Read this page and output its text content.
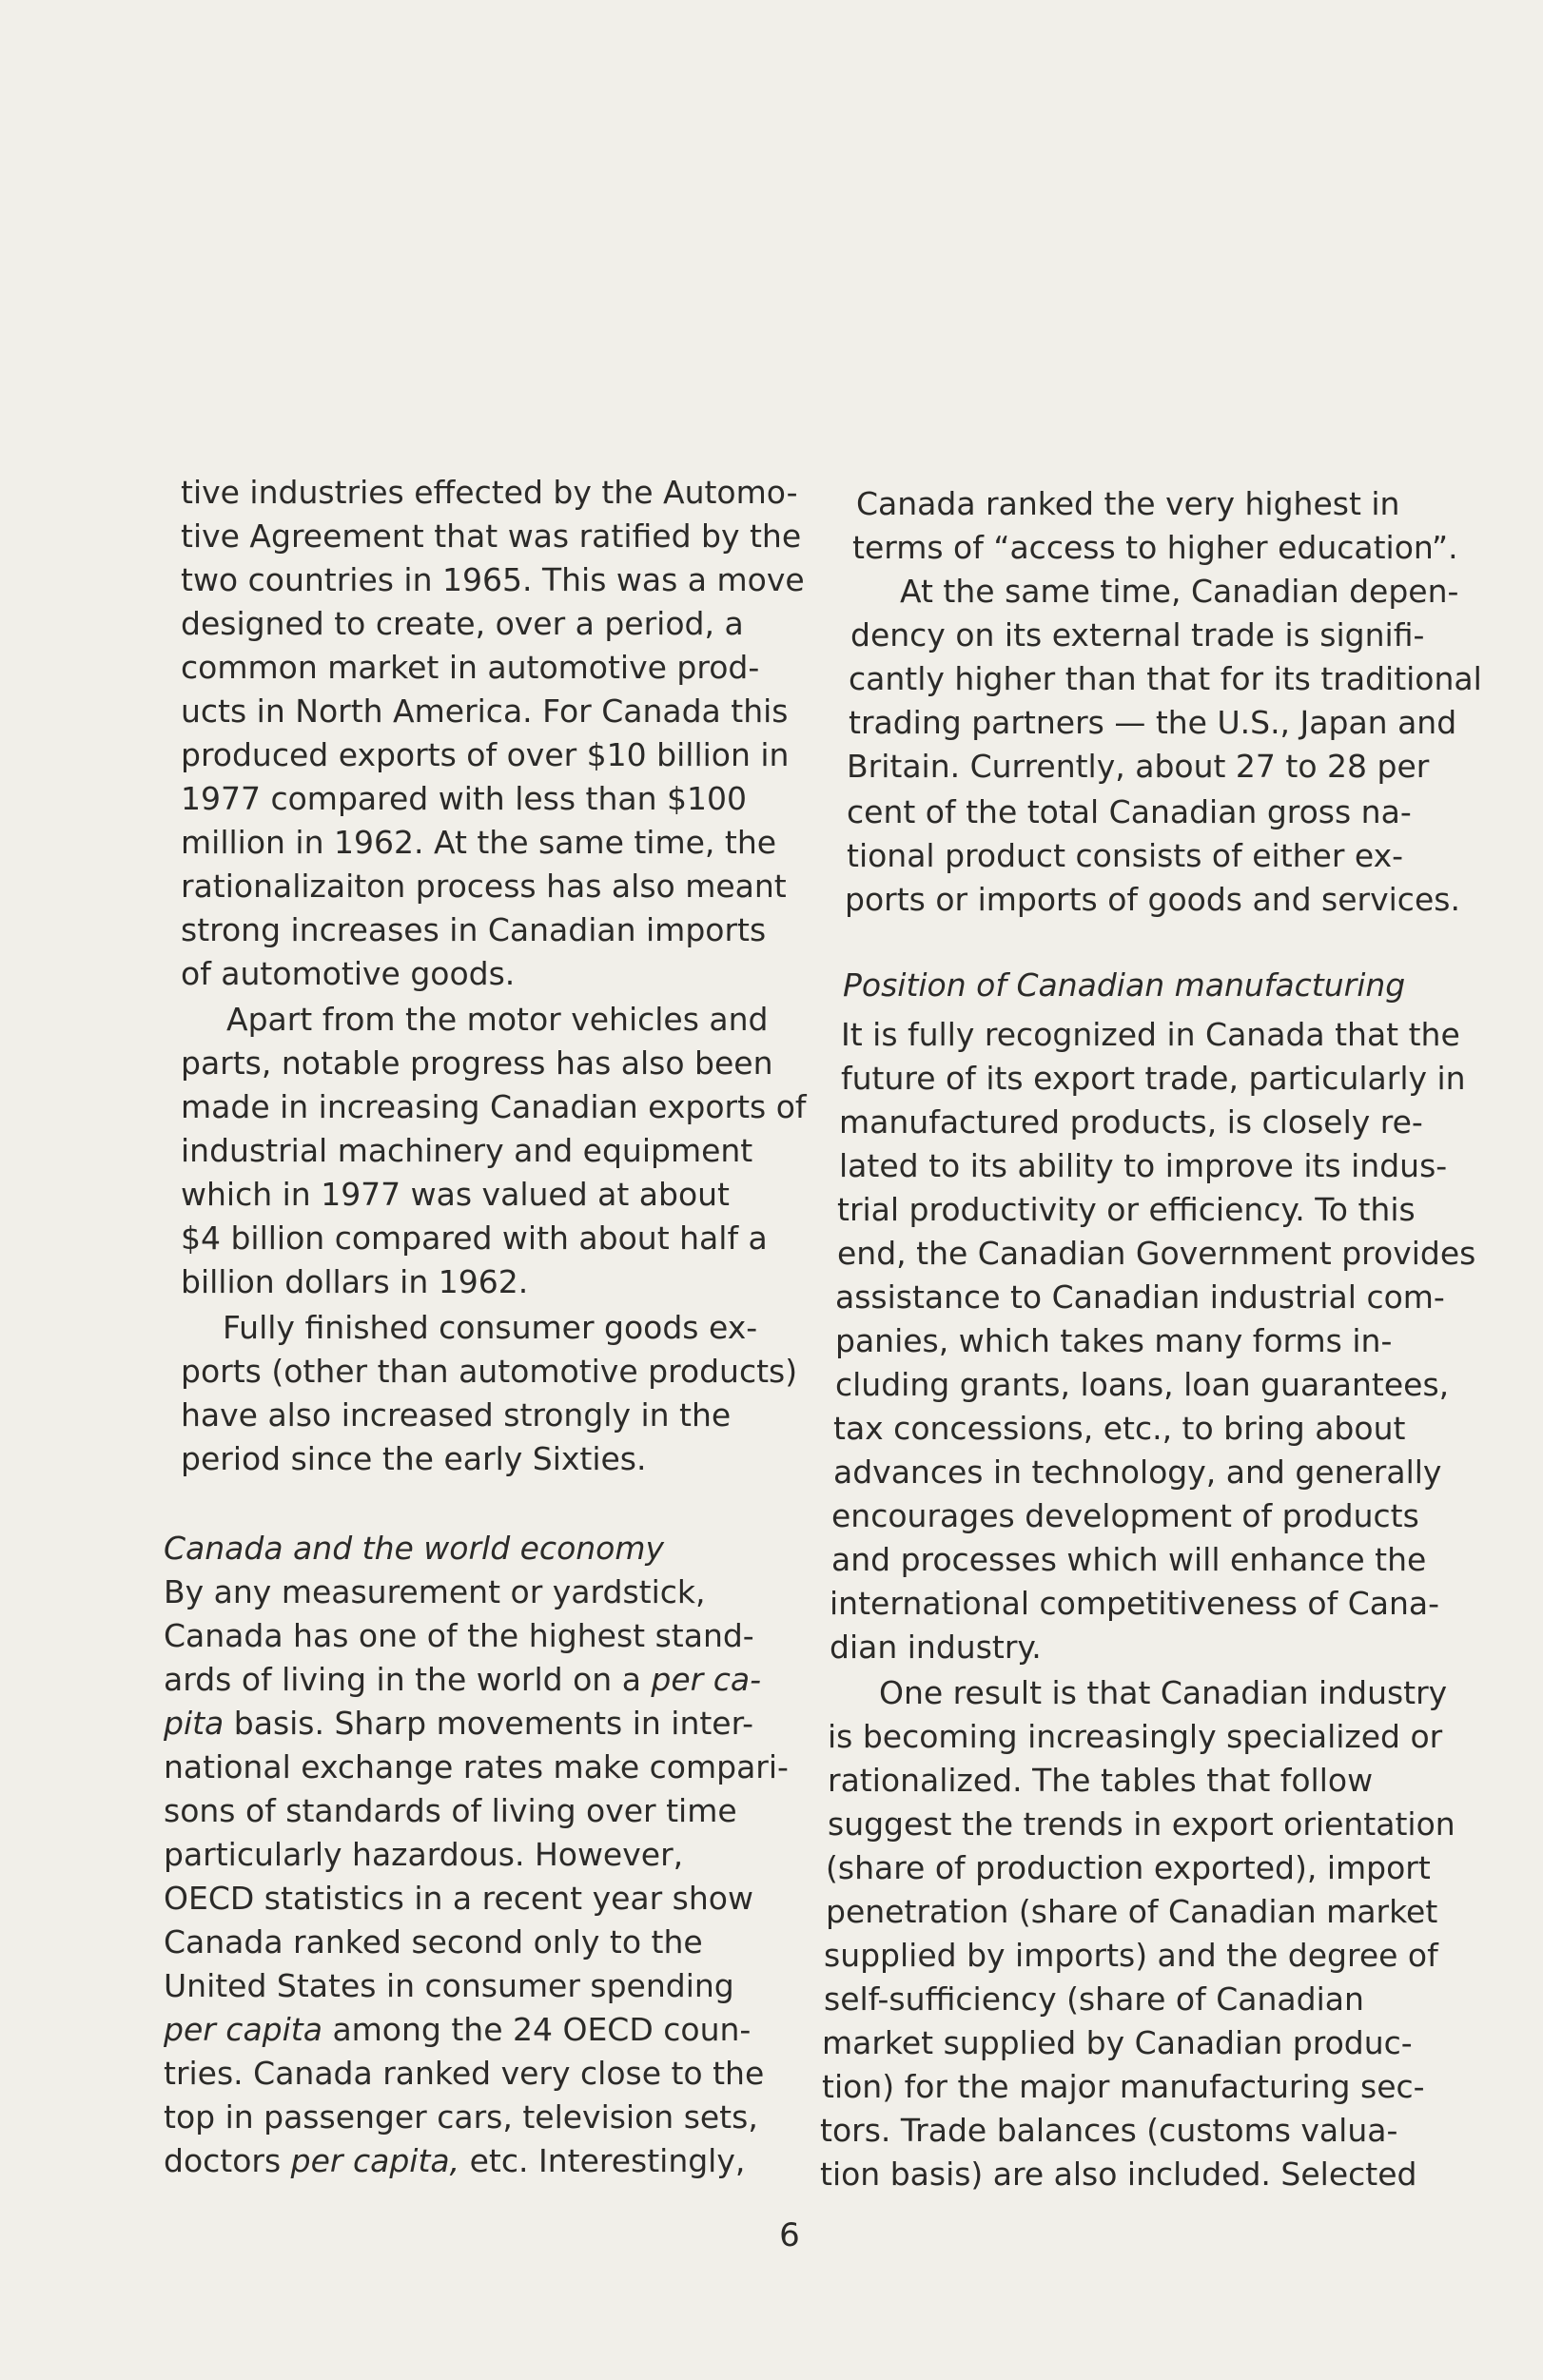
tive industries effected by the Automo-
tive Agreement that was ratified by the
two countries in 1965. This was a move
designed to create, over a period, a
common market in automotive prod-
ucts in North America. For Canada this
produced exports of over $10 billion in
1977 compared with less than $100
million in 1962. At the same time, the
rationalizaiton process has also meant
strong increases in Canadian imports
of automotive goods.
Apart from the motor vehicles and
parts, notable progress has also been
made in increasing Canadian exports of
industrial machinery and equipment
which in 1977 was valued at about
$4 billion compared with about half a
billion dollars in 1962.
Fully finished consumer goods ex-
ports (other than automotive products)
have also increased strongly in the
period since the early Sixties.
Canada and the world economy
By any measurement or yardstick,
Canada has one of the highest stand-
ards of living in the world on a per ca-
pita basis. Sharp movements in inter-
national exchange rates make compari-
sons of standards of living over time
particularly hazardous. However,
OECD statistics in a recent year show
Canada ranked second only to the
United States in consumer spending
per capita among the 24 OECD coun-
tries. Canada ranked very close to the
top in passenger cars, television sets,
doctors per capita, etc. Interestingly,
Canada ranked the very highest in
terms of “access to higher education”.
At the same time, Canadian depen-
dency on its external trade is signifi-
cantly higher than that for its traditional
trading partners — the U.S., Japan and
Britain. Currently, about 27 to 28 per
cent of the total Canadian gross na-
tional product consists of either ex-
ports or imports of goods and services.
Position of Canadian manufacturing
It is fully recognized in Canada that the
future of its export trade, particularly in
manufactured products, is closely re-
lated to its ability to improve its indus-
trial productivity or efficiency. To this
end, the Canadian Government provides
assistance to Canadian industrial com-
panies, which takes many forms in-
cluding grants, loans, loan guarantees,
tax concessions, etc., to bring about
advances in technology, and generally
encourages development of products
and processes which will enhance the
international competitiveness of Cana-
dian industry.
One result is that Canadian industry
is becoming increasingly specialized or
rationalized. The tables that follow
suggest the trends in export orientation
(share of production exported), import
penetration (share of Canadian market
supplied by imports) and the degree of
self-sufficiency (share of Canadian
market supplied by Canadian produc-
tion) for the major manufacturing sec-
tors. Trade balances (customs valua-
tion basis) are also included. Selected
6
